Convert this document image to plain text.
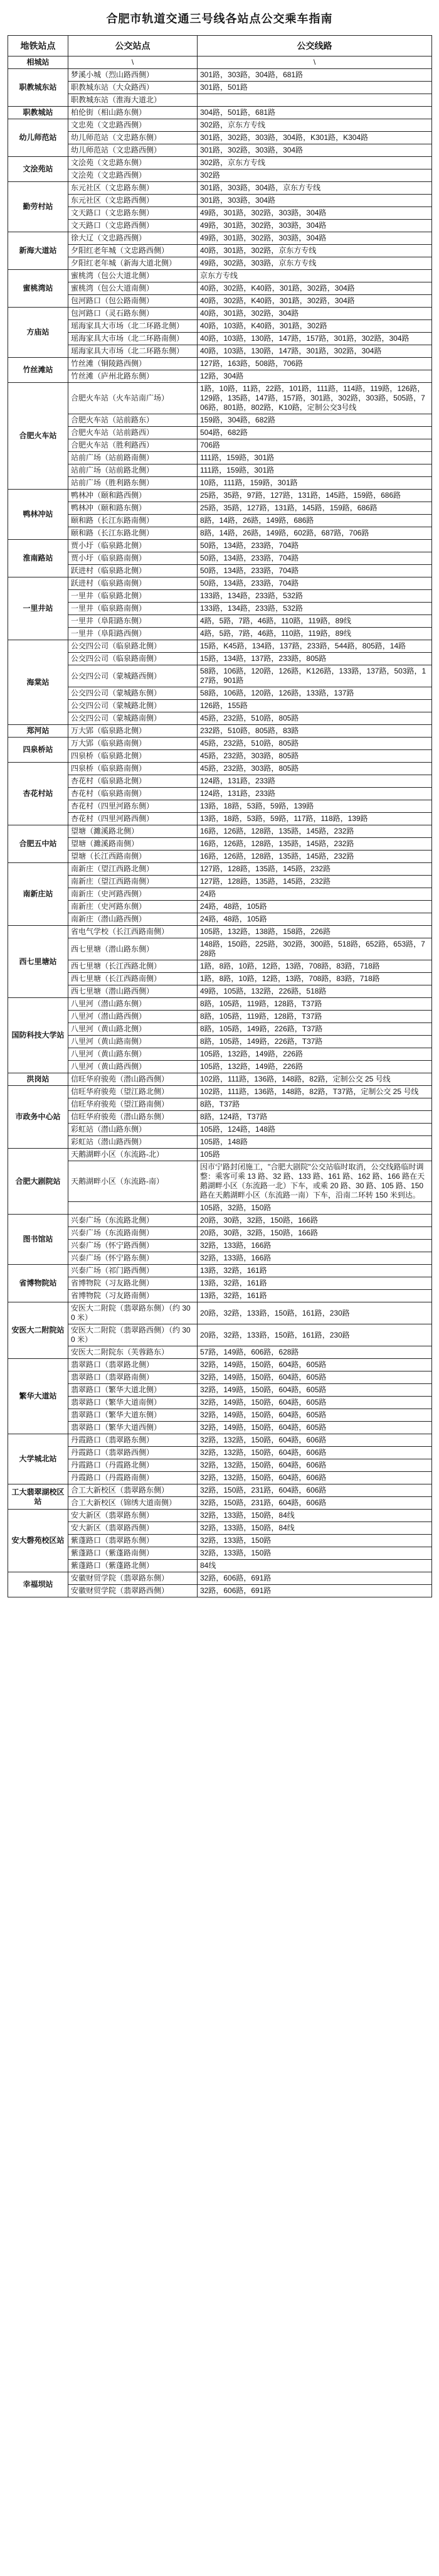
合肥市轨道交通三号线各站点公交乘车指南
地铁站点	公交站点	公交线路
相城站	\	\
职教城东站	梦溪小城（烈山路西侧）	301路，303路，304路，681路
	职教城东站（大众路西）	301路，501路
	职教城东站（淮海大道北）	
职教城站	柏伦街（相山路东侧）	304路，501路，681路
幼儿师范站	文忠苑（文忠路西侧）	302路，京东方专线
	幼儿师范站（文忠路东侧）	301路，302路，303路，304路，K301路，K304路
	幼儿师范站（文忠路西侧）	301路，302路，303路，304路
文浍苑站	文浍苑（文忠路东侧）	302路，京东方专线
	文浍苑（文忠路西侧）	302路
勤劳村站	东元社区（文忠路东侧）	301路，303路，304路，京东方专线
	东元社区（文忠路西侧）	301路，303路，304路
	文天路口（文忠路东侧）	49路，301路，302路，303路，304路
	文天路口（文忠路西侧）	49路，301路，302路，303路，304路
新海大道站	徐大辽（文忠路西侧）	49路，301路，302路，303路，304路
	夕阳红老年城（文忠路西侧）	40路，301路，302路，京东方专线
	夕阳红老年城（新海大道北侧）	49路，302路，303路，京东方专线
蜜桃湾站	蜜桃湾（包公大道北侧）	京东方专线
	蜜桃湾（包公大道南侧）	40路，302路，K40路，301路，302路，304路
	包河路口（包公路南侧）	40路，302路，K40路，301路，302路，304路
方庙站	包河路口（灵石路东侧）	40路，301路，302路，304路
	瑶海家具大市场（北二环路北侧）	40路，103路，K40路，301路，302路
	瑶海家具大市场（北二环路南侧）	40路，103路，130路，147路，157路，301路，302路，304路
	瑶海家具大市场（北二环路东侧）	40路，103路，130路，147路，301路，302路，304路
竹丝滩站	竹丝滩（铜陵路西侧）	127路，163路，508路，706路
	竹丝滩（庐州北路东侧）	12路，304路
合肥火车站	合肥火车站（火车站南广场）	1路，10路，11路，22路，101路，111路，114路，119路，126路，129路，135路，147路，157路，301路，302路，303路，505路，706路，801路，802路，K10路，定制公交3号线
	合肥火车站（站前路东）	159路，304路，682路
	合肥火车站（站前路西）	504路，682路
	合肥火车站（胜利路西）	706路
	站前广场（站前路南侧）	111路，159路，301路
	站前广场（站前路北侧）	111路，159路，301路
	站前广场（胜利路东侧）	10路，111路，159路，301路
鸭林冲站	鸭林冲（颐和路西侧）	25路，35路，97路，127路，131路，145路，159路，686路
	鸭林冲（颐和路东侧）	25路，35路，127路，131路，145路，159路，686路
	颐和路（长江东路南侧）	8路，14路，26路，149路，686路
	颐和路（长江东路北侧）	8路，14路，26路，149路，602路，687路，706路
淮南路站	贾小圩（临泉路北侧）	50路，134路，233路，704路
	贾小圩（临泉路南侧）	50路，134路，233路，704路
	跃进村（临泉路北侧）	50路，134路，233路，704路
一里井站	跃进村（临泉路南侧）	50路，134路，233路，704路
	一里井（临泉路北侧）	133路，134路，233路，532路
	一里井（临泉路南侧）	133路，134路，233路，532路
	一里井（阜阳路东侧）	4路，5路，7路，46路，110路，119路，89线
	一里井（阜阳路西侧）	4路，5路，7路，46路，110路，119路，89线
海棠站	公交四公司（临泉路北侧）	15路，K45路，134路，137路，233路，544路，805路，14路
	公交四公司（临泉路南侧）	15路，134路，137路，233路，805路
	公交四公司（蒙城路西侧）	58路，106路，120路，126路，K126路，133路，137路，503路，127路，901路
	公交四公司（蒙城路东侧）	58路，106路，120路，126路，133路，137路
	公交四公司（蒙城路北侧）	126路，155路
	公交四公司（蒙城路南侧）	45路，232路，510路，805路
郑河站	万大郢（临泉路北侧）	232路，510路，805路，83路
四泉桥站	万大郢（临泉路南侧）	45路，232路，510路，805路
	四泉桥（临泉路北侧）	45路，232路，303路，805路
杏花村站	四泉桥（临泉路南侧）	45路，232路，303路，805路
	杏花村（临泉路北侧）	124路，131路，233路
	杏花村（临泉路南侧）	124路，131路，233路
	杏花村（四里河路东侧）	13路，18路，53路，59路，139路
	杏花村（四里河路西侧）	13路，18路，53路，59路，117路，118路，139路
合肥五中站	望塘（濉溪路北侧）	16路，126路，128路，135路，145路，232路
	望塘（濉溪路南侧）	16路，126路，128路，135路，145路，232路
	望塘（长江西路南侧）	16路，126路，128路，135路，145路，232路
南新庄站	南新庄（望江西路北侧）	127路，128路，135路，145路，232路
	南新庄（望江西路南侧）	127路，128路，135路，145路，232路
	南新庄（史河路西侧）	24路
	南新庄（史河路东侧）	24路，48路，105路
	南新庄（潜山路西侧）	24路，48路，105路
西七里塘站	省电气学校（长江西路南侧）	105路，132路，138路，158路，226路
	西七里塘（潜山路东侧）	148路，150路，225路，302路，300路，518路，652路，653路，728路
	西七里塘（长江西路北侧）	1路，8路，10路，12路，13路，708路，83路，718路
	西七里塘（长江西路南侧）	1路，8路，10路，12路，13路，708路，83路，718路
	西七里塘（潜山路西侧）	49路，105路，132路，226路，518路
国防科技大学站	八里河（潜山路东侧）	8路，105路，119路，128路，T37路
	八里河（潜山路西侧）	8路，105路，119路，128路，T37路
	八里河（黄山路北侧）	8路，105路，149路，226路，T37路
	八里河（黄山路南侧）	8路，105路，149路，226路，T37路
	八里河（黄山路东侧）	105路，132路，149路，226路
	八里河（黄山路西侧）	105路，132路，149路，226路
洪岗站	信旺华府骏苑（潜山路西侧）	102路，111路，136路，148路，82路，定制公交 25 号线
市政务中心站	信旺华府骏苑（望江路北侧）	102路，111路，136路，148路，82路，T37路，定制公交 25 号线
	信旺华府骏苑（望江路南侧）	8路，T37路
	信旺华府骏苑（潜山路东侧）	8路，124路，T37路
	彩虹站（潜山路东侧）	105路，124路，148路
	彩虹站（潜山路西侧）	105路，148路
合肥大剧院站	天鹅湖畔小区（东流路-北）	105路
	天鹅湖畔小区（东流路-南）	因市宁路封闭施工，"合肥大剧院"公交站临时取消，公交线路临时调整：乘客可乘 13 路、32 路、133 路、161 路、162 路、166 路在天鹅湖畔小区（东流路一北）下车，或乘 20 路、30 路、105 路、150 路在天鹅湖畔小区（东流路一南）下车，沿南二环转 150 米到达。
		105路，32路，150路
图书馆站	兴泰广场（东流路北侧）	20路，30路，32路，150路，166路
	兴泰广场（东流路南侧）	20路，30路，32路，150路，166路
	兴泰广场（怀宁路西侧）	32路，133路，166路
	兴泰广场（怀宁路东侧）	32路，133路，166路
省博物院站	兴泰广场（祁门路西侧）	13路，32路，161路
	省博物院（习友路北侧）	13路，32路，161路
	省博物院（习友路南侧）	13路，32路，161路
安医大二附院站	安医大二附院（翡翠路东侧）（约 300 米）	20路，32路，133路，150路，161路，230路
	安医大二附院（翡翠路西侧）（约 300 米）	20路，32路，133路，150路，161路，230路
	安医大二附院东（芙蓉路东）	57路，149路，606路，628路
繁华大道站	翡翠路口（翡翠路北侧）	32路，149路，150路，604路，605路
	翡翠路口（翡翠路南侧）	32路，149路，150路，604路，605路
	翡翠路口（繁华大道北侧）	32路，149路，150路，604路，605路
	翡翠路口（繁华大道南侧）	32路，149路，150路，604路，605路
	翡翠路口（繁华大道东侧）	32路，149路，150路，604路，605路
	翡翠路口（繁华大道西侧）	32路，149路，150路，604路，605路
大学城北站	丹霞路口（翡翠路东侧）	32路，132路，150路，604路，606路
	丹霞路口（翡翠路西侧）	32路，132路，150路，604路，606路
	丹霞路口（丹霞路北侧）	32路，132路，150路，604路，606路
	丹霞路口（丹霞路南侧）	32路，132路，150路，604路，606路
工大翡翠湖校区站	合工大新校区（翡翠路东侧）	32路，150路，231路，604路，606路
	合工大新校区（锦绣大道南侧）	32路，150路，231路，604路，606路
安大磬苑校区站	安大新区（翡翠路东侧）	32路，133路，150路，84线
	安大新区（翡翠路西侧）	32路，133路，150路，84线
	紫蓬路口（翡翠路东侧）	32路，133路，150路
	紫蓬路口（紫蓬路南侧）	32路，133路，150路
	紫蓬路口（紫蓬路北侧）	84线
幸福坝站	安徽财贸学院（翡翠路东侧）	32路，606路，691路
	安徽财贸学院（翡翠路西侧）	32路，606路，691路
